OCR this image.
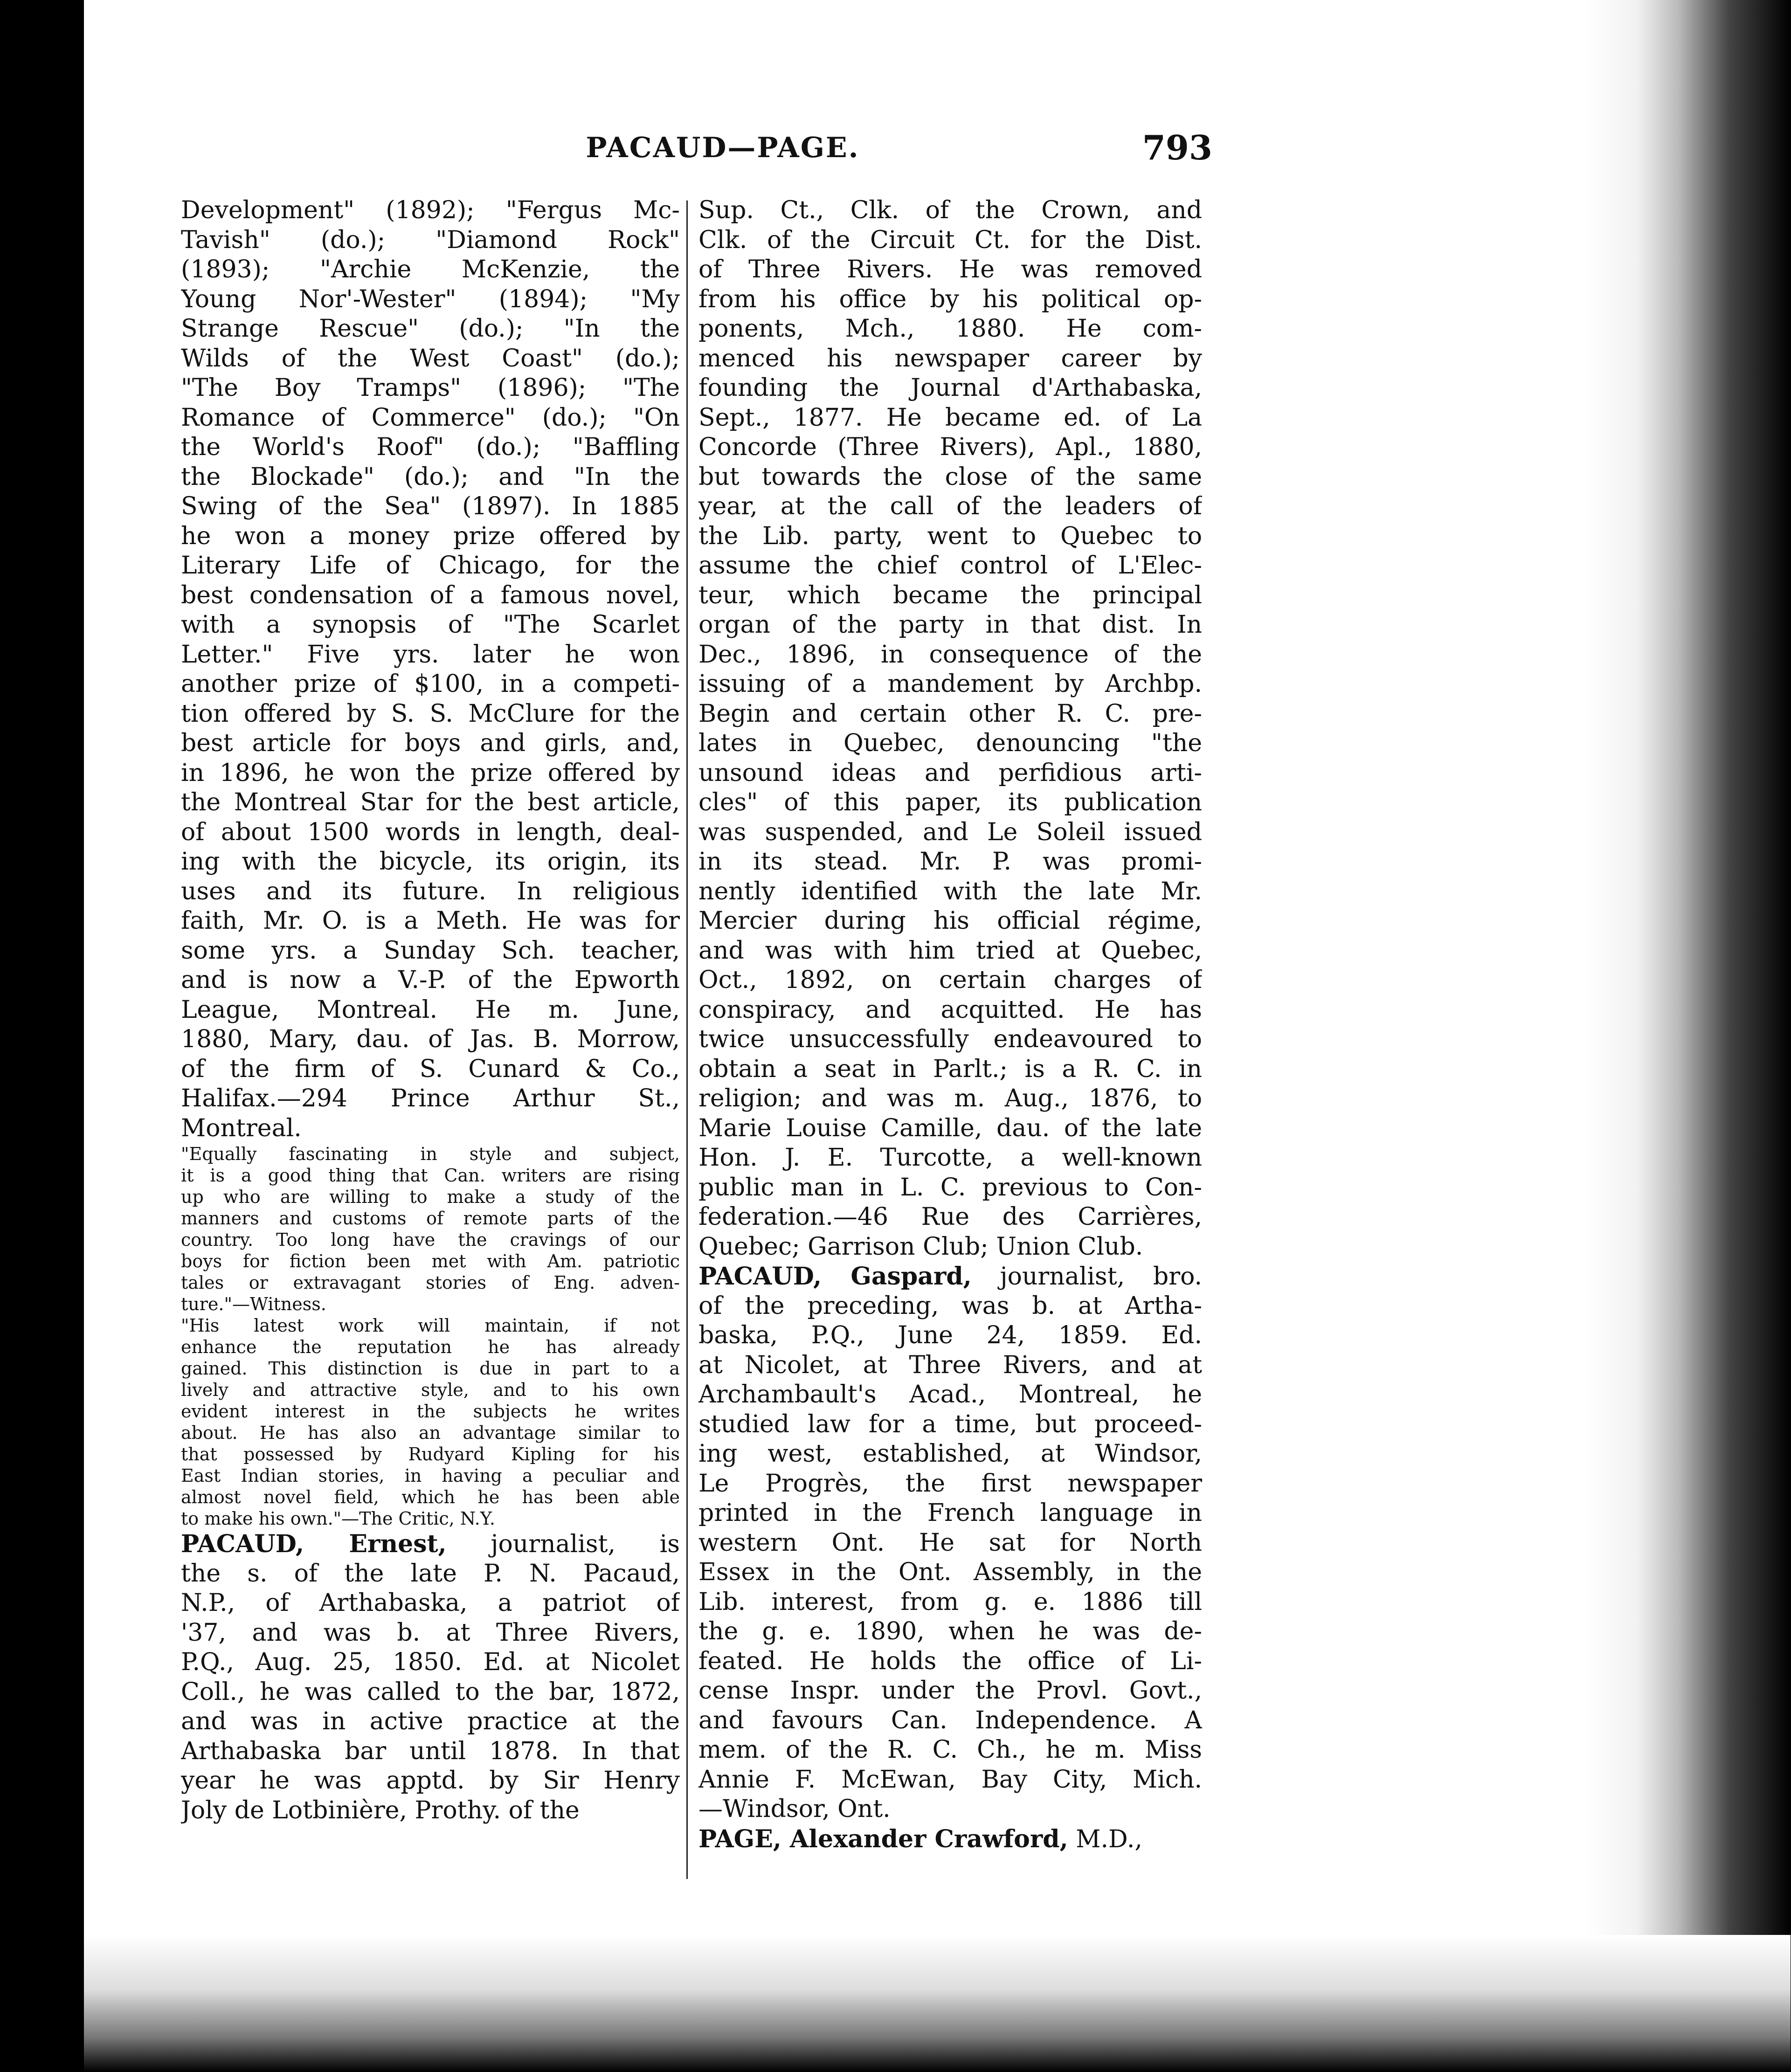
PACAUD—PAGE.	793
Development" (1892); "Fergus Mc-
Tavish" (do.); "Diamond Rock"
(1893); "Archie McKenzie, the
Young Nor'-Wester" (1894); "My
Strange Rescue" (do.); "In the
Wilds of the West Coast" (do.);
"The Boy Tramps" (1896); "The
Romance of Commerce" (do.); "On
the World's Roof" (do.); "Baffling
the Blockade" (do.); and "In the
Swing of the Sea" (1897). In 1885
he won a money prize offered by
Literary Life of Chicago, for the
best condensation of a famous novel,
with a synopsis of "The Scarlet
Letter." Five yrs. later he won
another prize of $100, in a competi-
tion offered by S. S. McClure for the
best article for boys and girls, and,
in 1896, he won the prize offered by
the Montreal Star for the best article,
of about 1500 words in length, deal-
ing with the bicycle, its origin, its
uses and its future. In religious
faith, Mr. O. is a Meth. He was for
some yrs. a Sunday Sch. teacher,
and is now a V.-P. of the Epworth
League, Montreal. He m. June,
1880, Mary, dau. of Jas. B. Morrow,
of the firm of S. Cunard & Co.,
Halifax.—294 Prince Arthur St.,
Montreal.
"Equally fascinating in style and subject,
it is a good thing that Can. writers are rising
up who are willing to make a study of the
manners and customs of remote parts of the
country. Too long have the cravings of our
boys for fiction been met with Am. patriotic
tales or extravagant stories of Eng. adven-
ture."—Witness.
"His latest work will maintain, if not
enhance the reputation he has already
gained. This distinction is due in part to a
lively and attractive style, and to his own
evident interest in the subjects he writes
about. He has also an advantage similar to
that possessed by Rudyard Kipling for his
East Indian stories, in having a peculiar and
almost novel field, which he has been able
to make his own."—The Critic, N.Y.
PACAUD, Ernest, journalist, is
the s. of the late P. N. Pacaud,
N.P., of Arthabaska, a patriot of
'37, and was b. at Three Rivers,
P.Q., Aug. 25, 1850. Ed. at Nicolet
Coll., he was called to the bar, 1872,
and was in active practice at the
Arthabaska bar until 1878. In that
year he was apptd. by Sir Henry
Joly de Lotbinière, Prothy. of the
Sup. Ct., Clk. of the Crown, and
Clk. of the Circuit Ct. for the Dist.
of Three Rivers. He was removed
from his office by his political op-
ponents, Mch., 1880. He com-
menced his newspaper career by
founding the Journal d'Arthabaska,
Sept., 1877. He became ed. of La
Concorde (Three Rivers), Apl., 1880,
but towards the close of the same
year, at the call of the leaders of
the Lib. party, went to Quebec to
assume the chief control of L'Elec-
teur, which became the principal
organ of the party in that dist. In
Dec., 1896, in consequence of the
issuing of a mandement by Archbp.
Begin and certain other R. C. pre-
lates in Quebec, denouncing "the
unsound ideas and perfidious arti-
cles" of this paper, its publication
was suspended, and Le Soleil issued
in its stead. Mr. P. was promi-
nently identified with the late Mr.
Mercier during his official régime,
and was with him tried at Quebec,
Oct., 1892, on certain charges of
conspiracy, and acquitted. He has
twice unsuccessfully endeavoured to
obtain a seat in Parlt.; is a R. C. in
religion; and was m. Aug., 1876, to
Marie Louise Camille, dau. of the late
Hon. J. E. Turcotte, a well-known
public man in L. C. previous to Con-
federation.—46 Rue des Carrières,
Quebec; Garrison Club; Union Club.
PACAUD, Gaspard, journalist, bro.
of the preceding, was b. at Artha-
baska, P.Q., June 24, 1859. Ed.
at Nicolet, at Three Rivers, and at
Archambault's Acad., Montreal, he
studied law for a time, but proceed-
ing west, established, at Windsor,
Le Progrès, the first newspaper
printed in the French language in
western Ont. He sat for North
Essex in the Ont. Assembly, in the
Lib. interest, from g. e. 1886 till
the g. e. 1890, when he was de-
feated. He holds the office of Li-
cense Inspr. under the Provl. Govt.,
and favours Can. Independence. A
mem. of the R. C. Ch., he m. Miss
Annie F. McEwan, Bay City, Mich.
—Windsor, Ont.
PAGE, Alexander Crawford, M.D.,
